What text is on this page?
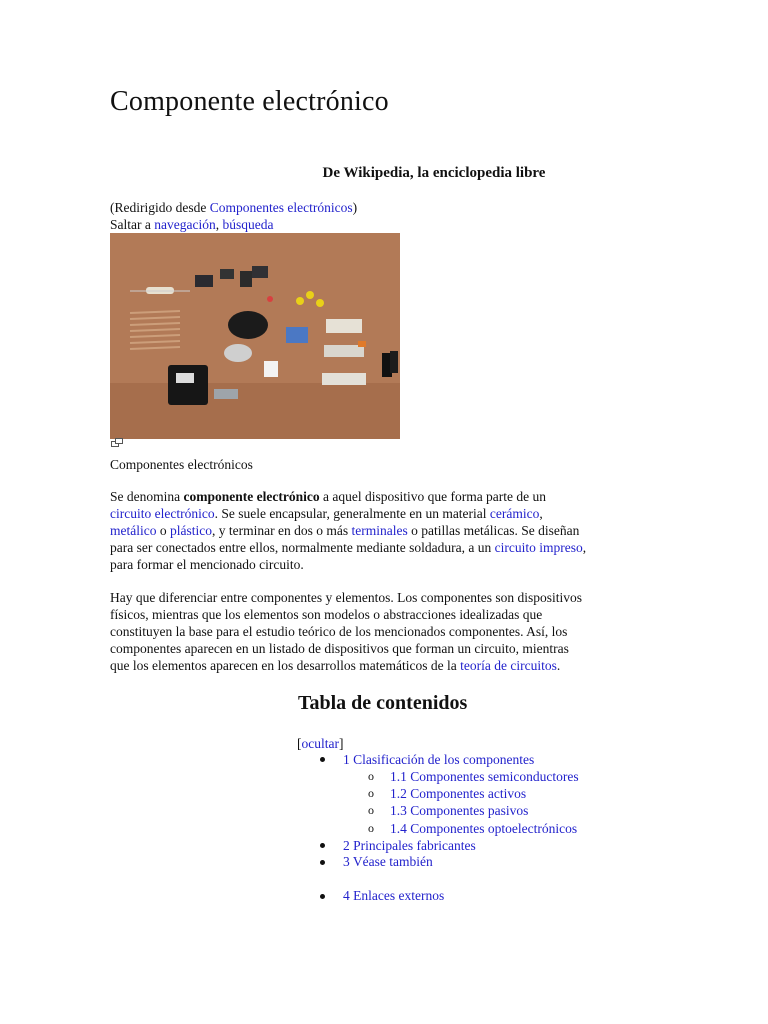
Componente electrónico
De Wikipedia, la enciclopedia libre
(Redirigido desde Componentes electrónicos)
Saltar a navegación, búsqueda
Componentes electrónicos
Se denomina componente electrónico a aquel dispositivo que forma parte de un
circuito electrónico. Se suele encapsular, generalmente en un material cerámico,
metálico o plástico, y terminar en dos o más terminales o patillas metálicas. Se diseñan
para ser conectados entre ellos, normalmente mediante soldadura, a un circuito impreso,
para formar el mencionado circuito.
Hay que diferenciar entre componentes y elementos. Los componentes son dispositivos
físicos, mientras que los elementos son modelos o abstracciones idealizadas que
constituyen la base para el estudio teórico de los mencionados componentes. Así, los
componentes aparecen en un listado de dispositivos que forman un circuito, mientras
que los elementos aparecen en los desarrollos matemáticos de la teoría de circuitos.
Tabla de contenidos
[ocultar]
1 Clasificación de los componentes
o 1.1 Componentes semiconductores
o 1.2 Componentes activos
o 1.3 Componentes pasivos
o 1.4 Componentes optoelectrónicos
2 Principales fabricantes
3 Véase también
4 Enlaces externos
